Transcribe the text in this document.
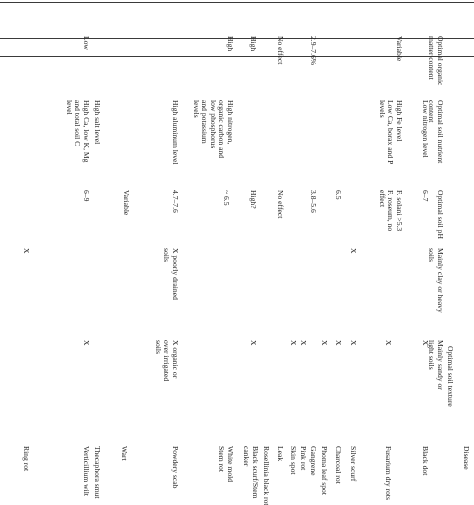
Disease

Optimal soil texture

Mainly sandy or
light soils

Mainly clay or heavy
soils

Optimal soil pH

Optimal soil nutrient
content

Optimal organic
matter content

Black dot

X

6–7

Low nitrogen level

Fusarium dry rots

X

F. solani >5.3
F. roseum, no
effect

High Fe level
Low Ca, borax and P
levels

Variable

Silver scurf

X

X

Charcoal rot

X

6.5

Phoma leaf spot

X

Gangrene

3.8–5.6

2.9–7.6%

Pink rot

X

Skin spot

X

Leak

No effect

No effect

Rosellinia black rot

Black scurf/Stem
canker

X

High?

High

White mold
Stem rot

~ 6.5

High nitrogen,
organic carbon and
low phosphorus
and potassium
levels

High

Powdery scab

X organic or
over irrigated
soils

X poorly drained
soils

4.7–7.6

High aluminum level

Wart

Variable

Thecaphora smut

High salt level

Verticillium wilt

X

6–9

High Ca, low K, Mg
and total soil C
level

Low

Ring rot

X
